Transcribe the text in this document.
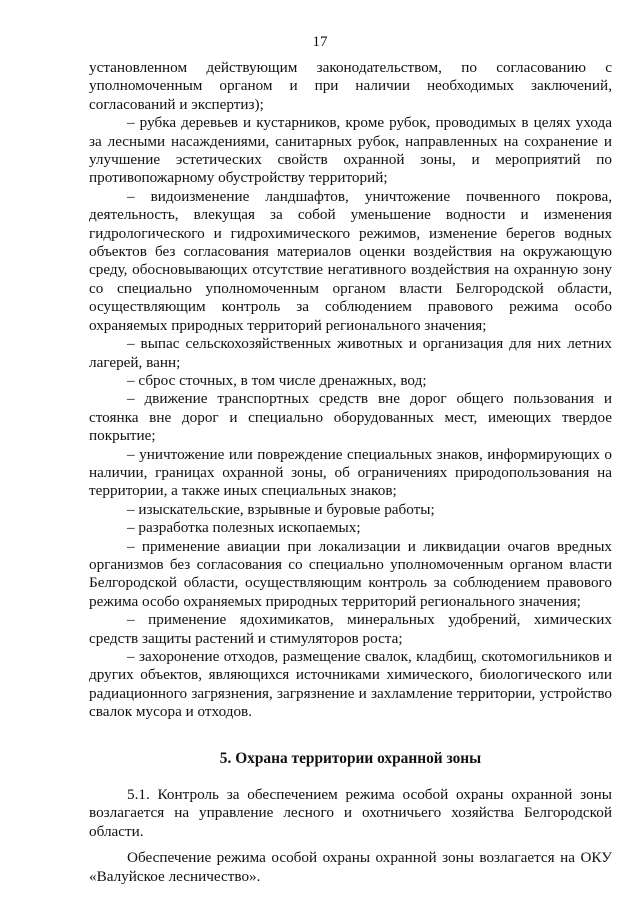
17

установленном действующим законодательством, по согласованию с уполномоченным органом и при наличии необходимых заключений, согласований и экспертиз);

– рубка деревьев и кустарников, кроме рубок, проводимых в целях ухода за лесными насаждениями, санитарных рубок, направленных на сохранение и улучшение эстетических свойств охранной зоны, и мероприятий по противопожарному обустройству территорий;

– видоизменение ландшафтов, уничтожение почвенного покрова, деятельность, влекущая за собой уменьшение водности и изменения гидрологического и гидрохимического режимов, изменение берегов водных объектов без согласования материалов оценки воздействия на окружающую среду, обосновывающих отсутствие негативного воздействия на охранную зону со специально уполномоченным органом власти Белгородской области, осуществляющим контроль за соблюдением правового режима особо охраняемых природных территорий регионального значения;

– выпас сельскохозяйственных животных и организация для них летних лагерей, ванн;

– сброс сточных, в том числе дренажных, вод;

– движение транспортных средств вне дорог общего пользования и стоянка вне дорог и специально оборудованных мест, имеющих твердое покрытие;

– уничтожение или повреждение специальных знаков, информирующих о наличии, границах охранной зоны, об ограничениях природопользования на территории, а также иных специальных знаков;

– изыскательские, взрывные и буровые работы;

– разработка полезных ископаемых;

– применение авиации при локализации и ликвидации очагов вредных организмов без согласования со специально уполномоченным органом власти Белгородской области, осуществляющим контроль за соблюдением правового режима особо охраняемых природных территорий регионального значения;

– применение ядохимикатов, минеральных удобрений, химических средств защиты растений и стимуляторов роста;

– захоронение отходов, размещение свалок, кладбищ, скотомогильников и других объектов, являющихся источниками химического, биологического или радиационного загрязнения, загрязнение и захламление территории, устройство свалок мусора и отходов.

5. Охрана территории охранной зоны

5.1. Контроль за обеспечением режима особой охраны охранной зоны возлагается на управление лесного и охотничьего хозяйства Белгородской области.

Обеспечение режима особой охраны охранной зоны возлагается на ОКУ «Валуйское лесничество».
